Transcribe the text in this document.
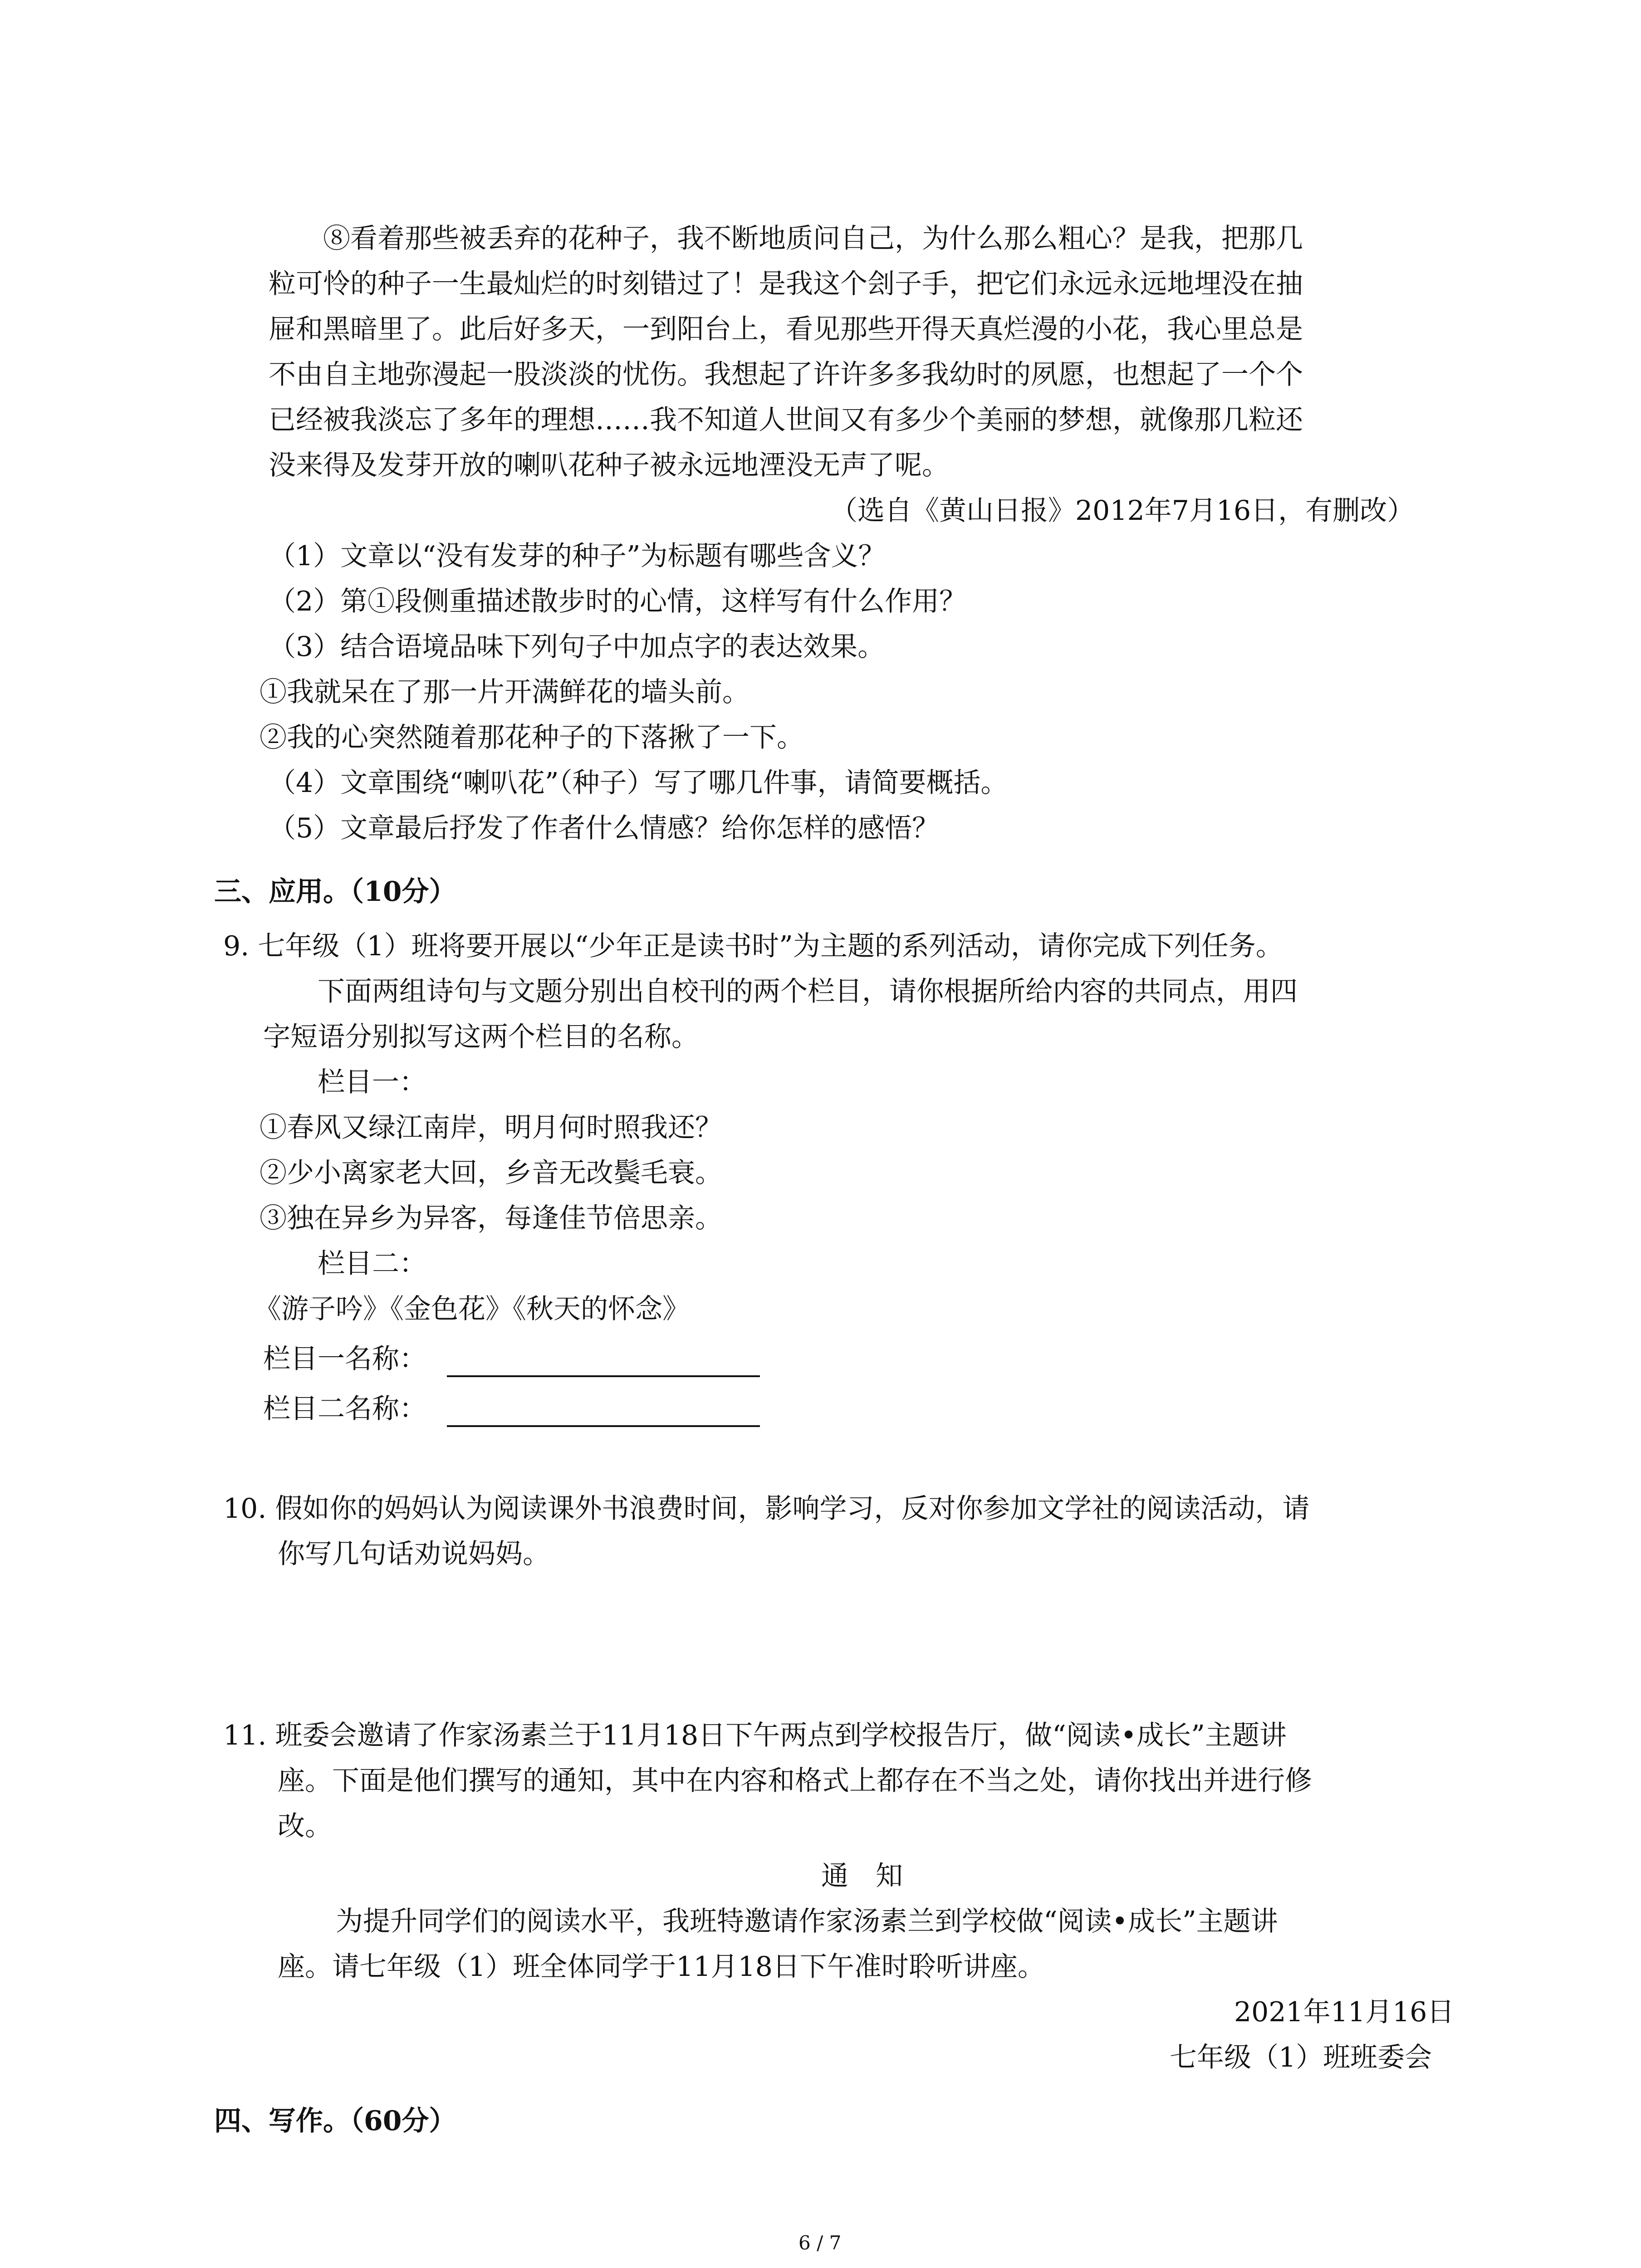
⑧看着那些被丢弃的花种子，我不断地质问自己，为什么那么粗心？是我，把那几

粒可怜的种子一生最灿烂的时刻错过了！是我这个刽子手，把它们永远永远地埋没在抽

屉和黑暗里了。此后好多天，一到阳台上，看见那些开得天真烂漫的小花，我心里总是

不由自主地弥漫起一股淡淡的忧伤。我想起了许许多多我幼时的夙愿，也想起了一个个

已经被我淡忘了多年的理想……我不知道人世间又有多少个美丽的梦想，就像那几粒还

没来得及发芽开放的喇叭花种子被永远地湮没无声了呢。

（选自《黄山日报》2012年7月16日，有删改）

（1）文章以“没有发芽的种子”为标题有哪些含义？

（2）第①段侧重描述散步时的心情，这样写有什么作用？

（3）结合语境品味下列句子中加点字的表达效果。

①我就呆在了那一片开满鲜花的墙头前。

②我的心突然随着那花种子的下落揪了一下。

（4）文章围绕“喇叭花”（种子）写了哪几件事，请简要概括。

（5）文章最后抒发了作者什么情感？给你怎样的感悟？

三、应用。（10分）

9. 七年级（1）班将要开展以“少年正是读书时”为主题的系列活动，请你完成下列任务。

下面两组诗句与文题分别出自校刊的两个栏目，请你根据所给内容的共同点，用四

字短语分别拟写这两个栏目的名称。

栏目一：

①春风又绿江南岸，明月何时照我还？

②少小离家老大回，乡音无改鬓毛衰。

③独在异乡为异客，每逢佳节倍思亲。

栏目二：

《游子吟》《金色花》《秋天的怀念》

栏目一名称：

栏目二名称：

10. 假如你的妈妈认为阅读课外书浪费时间，影响学习，反对你参加文学社的阅读活动，请

你写几句话劝说妈妈。

11. 班委会邀请了作家汤素兰于11月18日下午两点到学校报告厅，做“阅读•成长”主题讲

座。下面是他们撰写的通知，其中在内容和格式上都存在不当之处，请你找出并进行修

改。

通　知

为提升同学们的阅读水平，我班特邀请作家汤素兰到学校做“阅读•成长”主题讲

座。请七年级（1）班全体同学于11月18日下午准时聆听讲座。

2021年11月16日

七年级（1）班班委会

四、写作。（60分）

6 / 7
